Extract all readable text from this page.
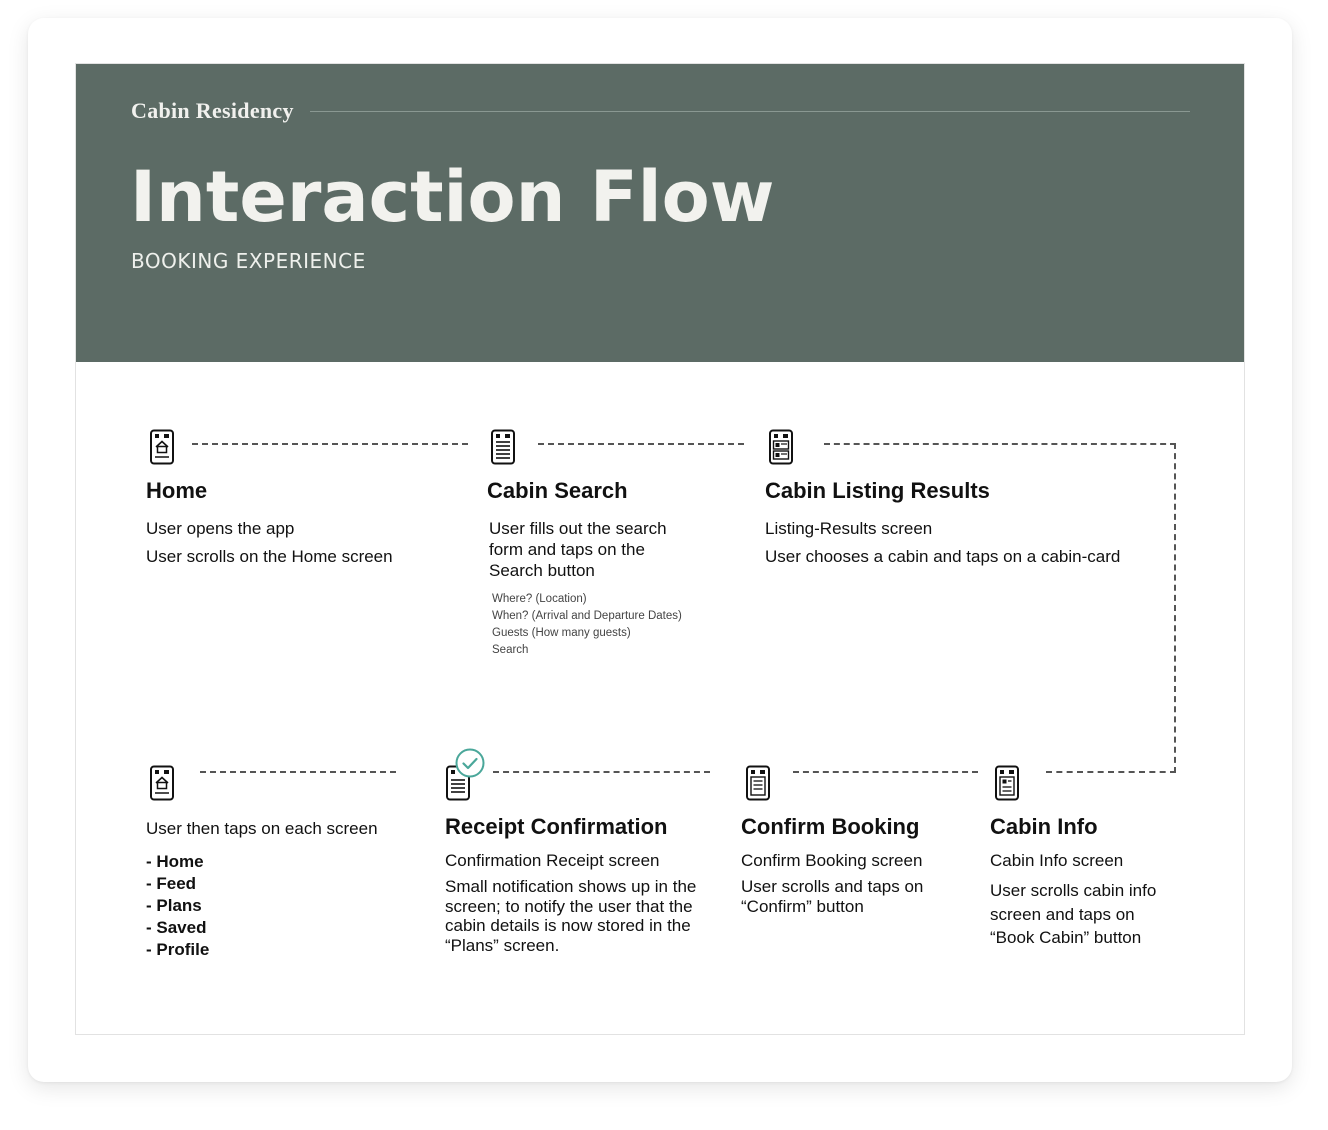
Cabin Residency
Interaction Flow
BOOKING EXPERIENCE
Home
User opens the app
User scrolls on the Home screen
Cabin Search
User fills out the search form and taps on the Search button
Where? (Location)
When? (Arrival and Departure Dates)
Guests (How many guests)
Search
Cabin Listing Results
Listing-Results screen
User chooses a cabin and taps on a cabin-card
User then taps on each screen
- Home
- Feed
- Plans
- Saved
- Profile
Receipt Confirmation
Confirmation Receipt screen
Small notification shows up in the screen; to notify the user that the cabin details is now stored in the “Plans” screen.
Confirm Booking
Confirm Booking screen
User scrolls and taps on “Confirm” button
Cabin Info
Cabin Info screen
User scrolls cabin info screen and taps on “Book Cabin” button
